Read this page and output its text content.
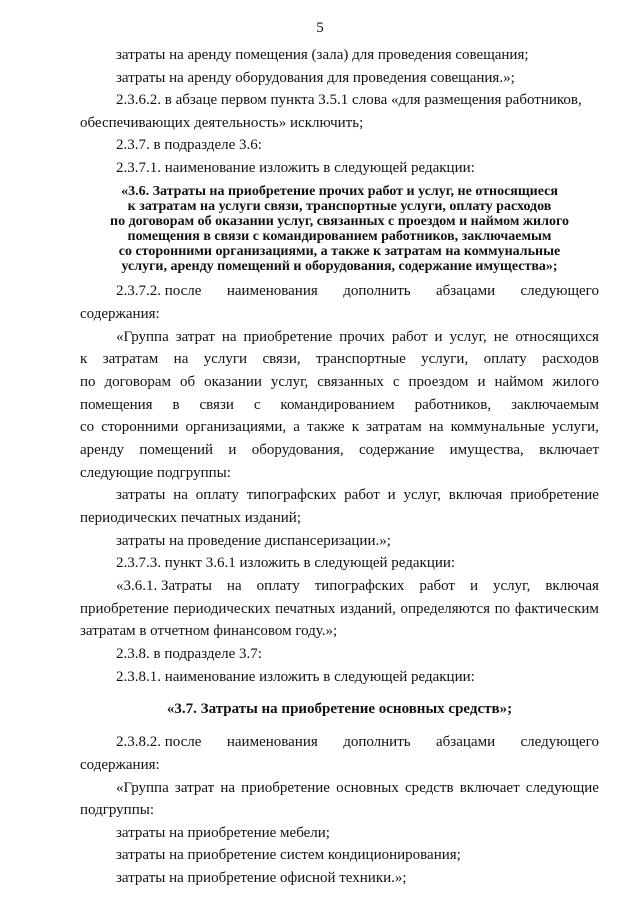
5
затраты на аренду помещения (зала) для проведения совещания;
затраты на аренду оборудования для проведения совещания.»;
2.3.6.2. в абзаце первом пункта 3.5.1 слова «для размещения работников,
обеспечивающих деятельность» исключить;
2.3.7. в подразделе 3.6:
2.3.7.1. наименование изложить в следующей редакции:
«3.6. Затраты на приобретение прочих работ и услуг, не относящиеся
к затратам на услуги связи, транспортные услуги, оплату расходов
по договорам об оказании услуг, связанных с проездом и наймом жилого
помещения в связи с командированием работников, заключаемым
со сторонними организациями, а также к затратам на коммунальные
услуги, аренду помещений и оборудования, содержание имущества»;
2.3.7.2. после наименования дополнить абзацами следующего
содержания:
«Группа затрат на приобретение прочих работ и услуг, не относящихся
к затратам на услуги связи, транспортные услуги, оплату расходов
по договорам об оказании услуг, связанных с проездом и наймом жилого
помещения в связи с командированием работников, заключаемым
со сторонними организациями, а также к затратам на коммунальные услуги,
аренду помещений и оборудования, содержание имущества, включает
следующие подгруппы:
затраты на оплату типографских работ и услуг, включая приобретение
периодических печатных изданий;
затраты на проведение диспансеризации.»;
2.3.7.3. пункт 3.6.1 изложить в следующей редакции:
«3.6.1. Затраты на оплату типографских работ и услуг, включая
приобретение периодических печатных изданий, определяются по фактическим
затратам в отчетном финансовом году.»;
2.3.8. в подразделе 3.7:
2.3.8.1. наименование изложить в следующей редакции:
«3.7. Затраты на приобретение основных средств»;
2.3.8.2. после наименования дополнить абзацами следующего
содержания:
«Группа затрат на приобретение основных средств включает следующие
подгруппы:
затраты на приобретение мебели;
затраты на приобретение систем кондиционирования;
затраты на приобретение офисной техники.»;
